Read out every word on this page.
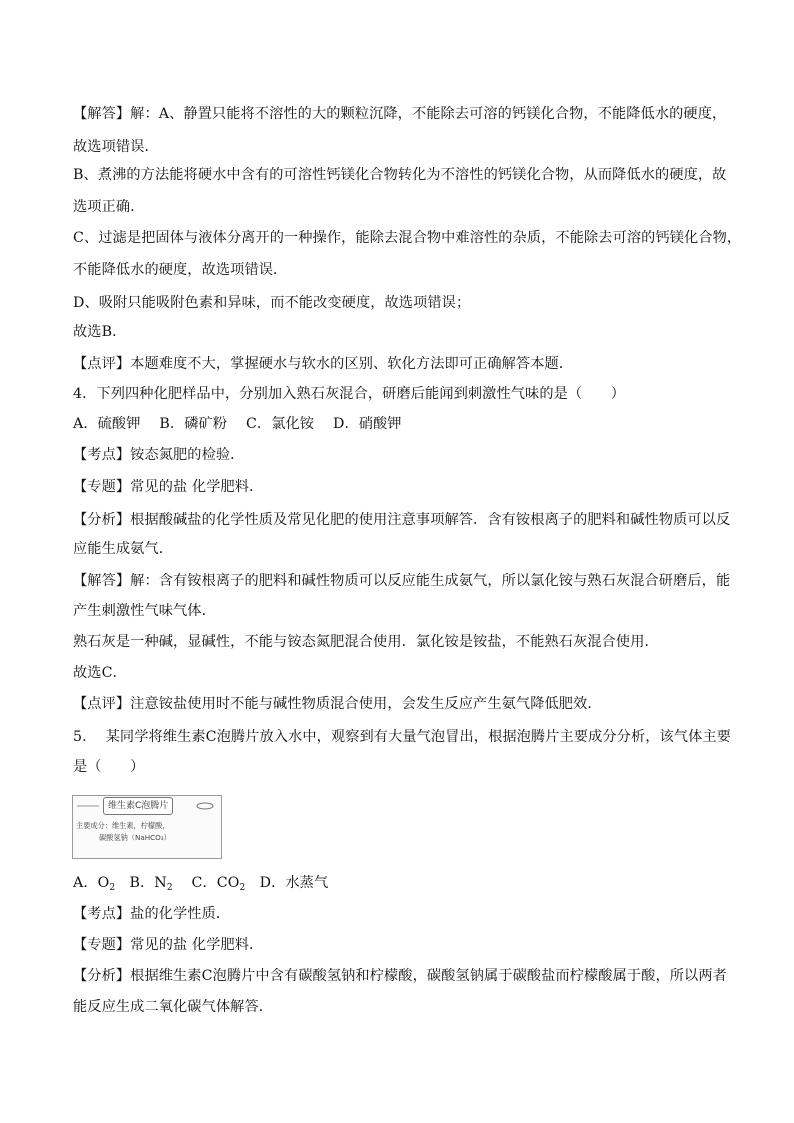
【解答】解：A、静置只能将不溶性的大的颗粒沉降，不能除去可溶的钙镁化合物，不能降低水的硬度，
故选项错误．
B、煮沸的方法能将硬水中含有的可溶性钙镁化合物转化为不溶性的钙镁化合物，从而降低水的硬度，故
选项正确．
C、过滤是把固体与液体分离开的一种操作，能除去混合物中难溶性的杂质，不能除去可溶的钙镁化合物，
不能降低水的硬度，故选项错误．
D、吸附只能吸附色素和异味，而不能改变硬度，故选项错误；
故选B．
【点评】本题难度不大，掌握硬水与软水的区别、软化方法即可正确解答本题．
4．下列四种化肥样品中，分别加入熟石灰混合，研磨后能闻到刺激性气味的是（　　）
A．硫酸钾　 B．磷矿粉　 C．氯化铵　 D．硝酸钾
【考点】铵态氮肥的检验．
【专题】常见的盐 化学肥料．
【分析】根据酸碱盐的化学性质及常见化肥的使用注意事项解答．含有铵根离子的肥料和碱性物质可以反
应能生成氨气．
【解答】解：含有铵根离子的肥料和碱性物质可以反应能生成氨气，所以氯化铵与熟石灰混合研磨后，能
产生刺激性气味气体．
熟石灰是一种碱，显碱性，不能与铵态氮肥混合使用．氯化铵是铵盐，不能熟石灰混合使用．
故选C．
【点评】注意铵盐使用时不能与碱性物质混合使用，会发生反应产生氨气降低肥效．
5.　 某同学将维生素C泡腾片放入水中，观察到有大量气泡冒出，根据泡腾片主要成分分析，该气体主要
是（　　）
维生素C泡腾片
主要成分：维生素，柠檬酸，
碳酸氢钠（NaHCO₃）
A．$O_2$　B．$N_2$　 C．$CO_2$　D．水蒸气
【考点】盐的化学性质．
【专题】常见的盐 化学肥料．
【分析】根据维生素C泡腾片中含有碳酸氢钠和柠檬酸，碳酸氢钠属于碳酸盐而柠檬酸属于酸，所以两者
能反应生成二氧化碳气体解答．
